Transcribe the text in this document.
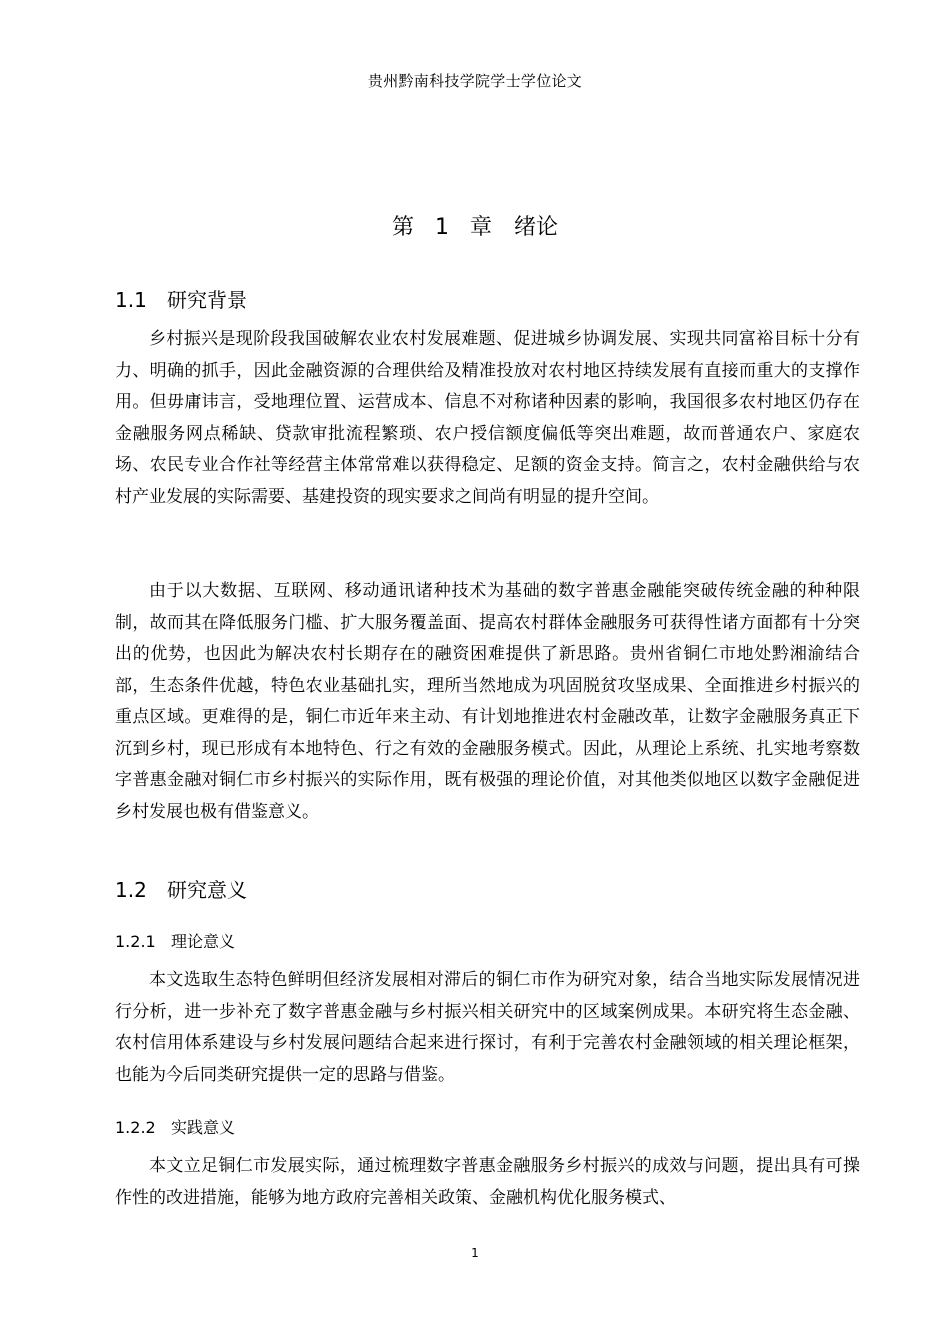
贵州黔南科技学院学士学位论文
第 1 章　绪论
1.1 研究背景

乡村振兴是现阶段我国破解农业农村发展难题、促进城乡协调发展、实现共同富裕目标十分有力、明确的抓手，因此金融资源的合理供给及精准投放对农村地区持续发展有直接而重大的支撑作用。但毋庸讳言，受地理位置、运营成本、信息不对称诸种因素的影响，我国很多农村地区仍存在金融服务网点稀缺、贷款审批流程繁琐、农户授信额度偏低等突出难题，故而普通农户、家庭农场、农民专业合作社等经营主体常常难以获得稳定、足额的资金支持。简言之，农村金融供给与农村产业发展的实际需要、基建投资的现实要求之间尚有明显的提升空间。

由于以大数据、互联网、移动通讯诸种技术为基础的数字普惠金融能突破传统金融的种种限制，故而其在降低服务门槛、扩大服务覆盖面、提高农村群体金融服务可获得性诸方面都有十分突出的优势，也因此为解决农村长期存在的融资困难提供了新思路。贵州省铜仁市地处黔湘渝结合部，生态条件优越，特色农业基础扎实，理所当然地成为巩固脱贫攻坚成果、全面推进乡村振兴的重点区域。更难得的是，铜仁市近年来主动、有计划地推进农村金融改革，让数字金融服务真正下沉到乡村，现已形成有本地特色、行之有效的金融服务模式。因此，从理论上系统、扎实地考察数字普惠金融对铜仁市乡村振兴的实际作用，既有极强的理论价值，对其他类似地区以数字金融促进乡村发展也极有借鉴意义。

1.2 研究意义
1.2.1 理论意义

本文选取生态特色鲜明但经济发展相对滞后的铜仁市作为研究对象，结合当地实际发展情况进行分析，进一步补充了数字普惠金融与乡村振兴相关研究中的区域案例成果。本研究将生态金融、农村信用体系建设与乡村发展问题结合起来进行探讨，有利于完善农村金融领域的相关理论框架，也能为今后同类研究提供一定的思路与借鉴。

1.2.2 实践意义

本文立足铜仁市发展实际，通过梳理数字普惠金融服务乡村振兴的成效与问题，提出具有可操作性的改进措施，能够为地方政府完善相关政策、金融机构优化服务模式、

1
